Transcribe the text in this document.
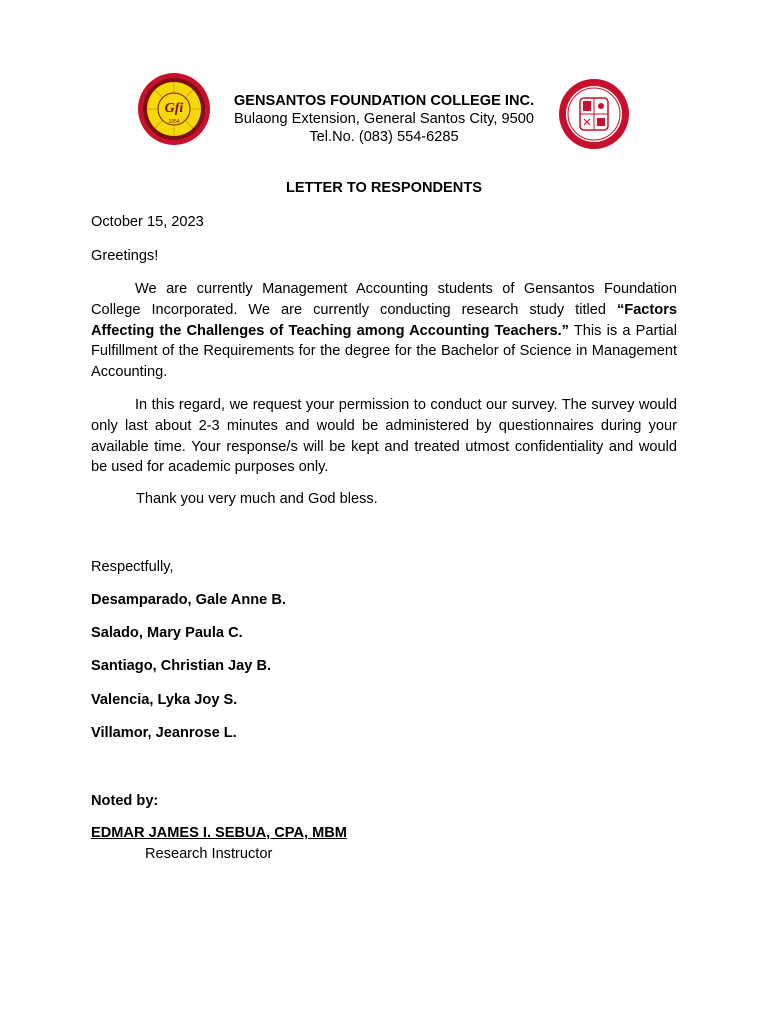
Gfi
1954
GENSANTOS FOUNDATION COLLEGE INC.
Bulaong Extension, General Santos City, 9500
Tel.No. (083) 554-6285
LETTER TO RESPONDENTS
October 15, 2023
Greetings!

We are currently Management Accounting students of Gensantos Foundation College Incorporated. We are currently conducting research study titled “Factors Affecting the Challenges of Teaching among Accounting Teachers.” This is a Partial Fulfillment of the Requirements for the degree for the Bachelor of Science in Management Accounting.

In this regard, we request your permission to conduct our survey. The survey would only last about 2-3 minutes and would be administered by questionnaires during your available time. Your response/s will be kept and treated utmost confidentiality and would be used for academic purposes only.

Thank you very much and God bless.
Respectfully,
Desamparado, Gale Anne B.
Salado, Mary Paula C.
Santiago, Christian Jay B.
Valencia, Lyka Joy S.
Villamor, Jeanrose L.
Noted by:
EDMAR JAMES I. SEBUA, CPA, MBM
Research Instructor
